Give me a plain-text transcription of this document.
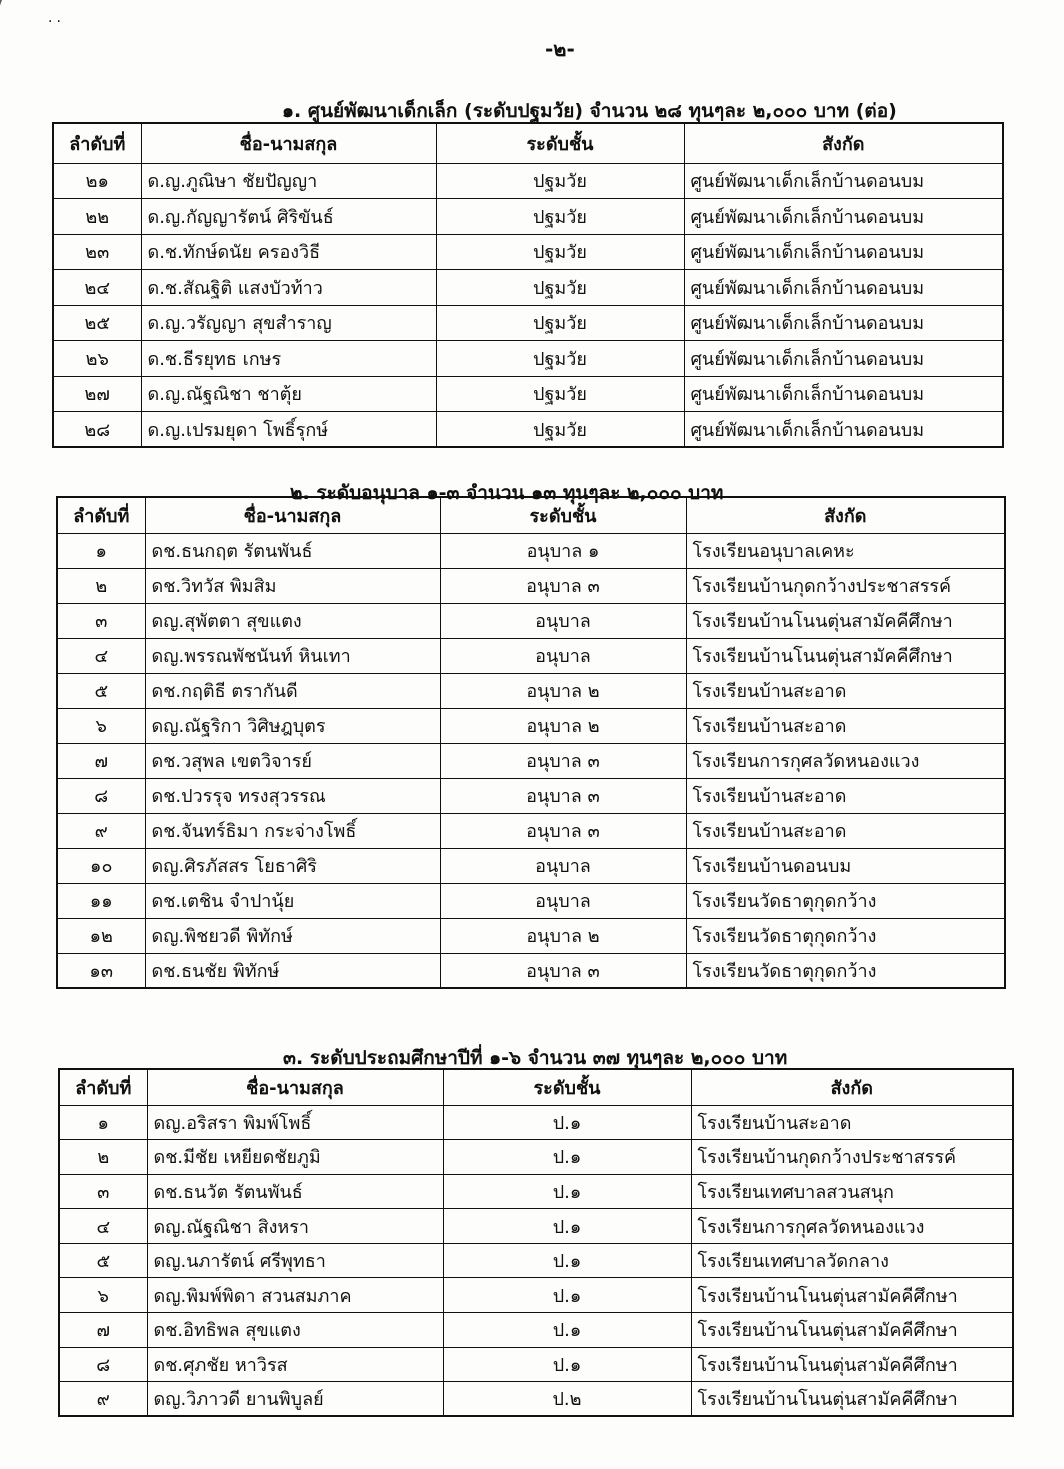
..
-๒-
๑. ศูนย์พัฒนาเด็กเล็ก (ระดับปฐมวัย) จำนวน ๒๘ ทุนๆละ ๒,๐๐๐ บาท (ต่อ)
ลำดับที่	ชื่อ-นามสกุล	ระดับชั้น	สังกัด
๒๑	ด.ญ.ภูณิษา ชัยปัญญา	ปฐมวัย	ศูนย์พัฒนาเด็กเล็กบ้านดอนบม
๒๒	ด.ญ.กัญญารัตน์ ศิริขันธ์	ปฐมวัย	ศูนย์พัฒนาเด็กเล็กบ้านดอนบม
๒๓	ด.ช.ทักษ์ดนัย ครองวิธี	ปฐมวัย	ศูนย์พัฒนาเด็กเล็กบ้านดอนบม
๒๔	ด.ช.สัณฐิติ แสงบัวท้าว	ปฐมวัย	ศูนย์พัฒนาเด็กเล็กบ้านดอนบม
๒๕	ด.ญ.วรัญญา สุขสำราญ	ปฐมวัย	ศูนย์พัฒนาเด็กเล็กบ้านดอนบม
๒๖	ด.ช.ธีรยุทธ เกษร	ปฐมวัย	ศูนย์พัฒนาเด็กเล็กบ้านดอนบม
๒๗	ด.ญ.ณัฐณิชา ชาตุ้ย	ปฐมวัย	ศูนย์พัฒนาเด็กเล็กบ้านดอนบม
๒๘	ด.ญ.เปรมยุดา โพธิ์รุกษ์	ปฐมวัย	ศูนย์พัฒนาเด็กเล็กบ้านดอนบม
๒. ระดับอนุบาล ๑-๓ จำนวน ๑๓ ทุนๆละ ๒,๐๐๐ บาท
ลำดับที่	ชื่อ-นามสกุล	ระดับชั้น	สังกัด
๑	ดช.ธนกฤต รัตนพันธ์	อนุบาล ๑	โรงเรียนอนุบาลเคหะ
๒	ดช.วิทวัส พิมสิม	อนุบาล ๓	โรงเรียนบ้านกุดกว้างประชาสรรค์
๓	ดญ.สุพัตตา สุขแตง	อนุบาล	โรงเรียนบ้านโนนตุ่นสามัคคีศึกษา
๔	ดญ.พรรณพัชนันท์ หินเทา	อนุบาล	โรงเรียนบ้านโนนตุ่นสามัคคีศึกษา
๕	ดช.กฤติธี ตรากันดี	อนุบาล ๒	โรงเรียนบ้านสะอาด
๖	ดญ.ณัฐริกา วิศิษฎบุตร	อนุบาล ๒	โรงเรียนบ้านสะอาด
๗	ดช.วสุพล เขตวิจารย์	อนุบาล ๓	โรงเรียนการกุศลวัดหนองแวง
๘	ดช.ปวรรุจ ทรงสุวรรณ	อนุบาล ๓	โรงเรียนบ้านสะอาด
๙	ดช.จันทร์ธิมา กระจ่างโพธิ์	อนุบาล ๓	โรงเรียนบ้านสะอาด
๑๐	ดญ.ศิรภัสสร โยธาศิริ	อนุบาล	โรงเรียนบ้านดอนบม
๑๑	ดช.เตชิน จำปานุ้ย	อนุบาล	โรงเรียนวัดธาตุกุดกว้าง
๑๒	ดญ.พิชยวดี พิทักษ์	อนุบาล ๒	โรงเรียนวัดธาตุกุดกว้าง
๑๓	ดช.ธนชัย พิทักษ์	อนุบาล ๓	โรงเรียนวัดธาตุกุดกว้าง
๓. ระดับประถมศึกษาปีที่ ๑-๖ จำนวน ๓๗ ทุนๆละ ๒,๐๐๐ บาท
ลำดับที่	ชื่อ-นามสกุล	ระดับชั้น	สังกัด
๑	ดญ.อริสรา พิมพ์โพธิ์	ป.๑	โรงเรียนบ้านสะอาด
๒	ดช.มีชัย เหยียดชัยภูมิ	ป.๑	โรงเรียนบ้านกุดกว้างประชาสรรค์
๓	ดช.ธนวัต รัตนพันธ์	ป.๑	โรงเรียนเทศบาลสวนสนุก
๔	ดญ.ณัฐณิชา สิงหรา	ป.๑	โรงเรียนการกุศลวัดหนองแวง
๕	ดญ.นภารัตน์ ศรีพุทธา	ป.๑	โรงเรียนเทศบาลวัดกลาง
๖	ดญ.พิมพ์พิดา สวนสมภาค	ป.๑	โรงเรียนบ้านโนนตุ่นสามัคคีศึกษา
๗	ดช.อิทธิพล สุขแตง	ป.๑	โรงเรียนบ้านโนนตุ่นสามัคคีศึกษา
๘	ดช.ศุภชัย หาวิรส	ป.๑	โรงเรียนบ้านโนนตุ่นสามัคคีศึกษา
๙	ดญ.วิภาวดี ยานพิบูลย์	ป.๒	โรงเรียนบ้านโนนตุ่นสามัคคีศึกษา
